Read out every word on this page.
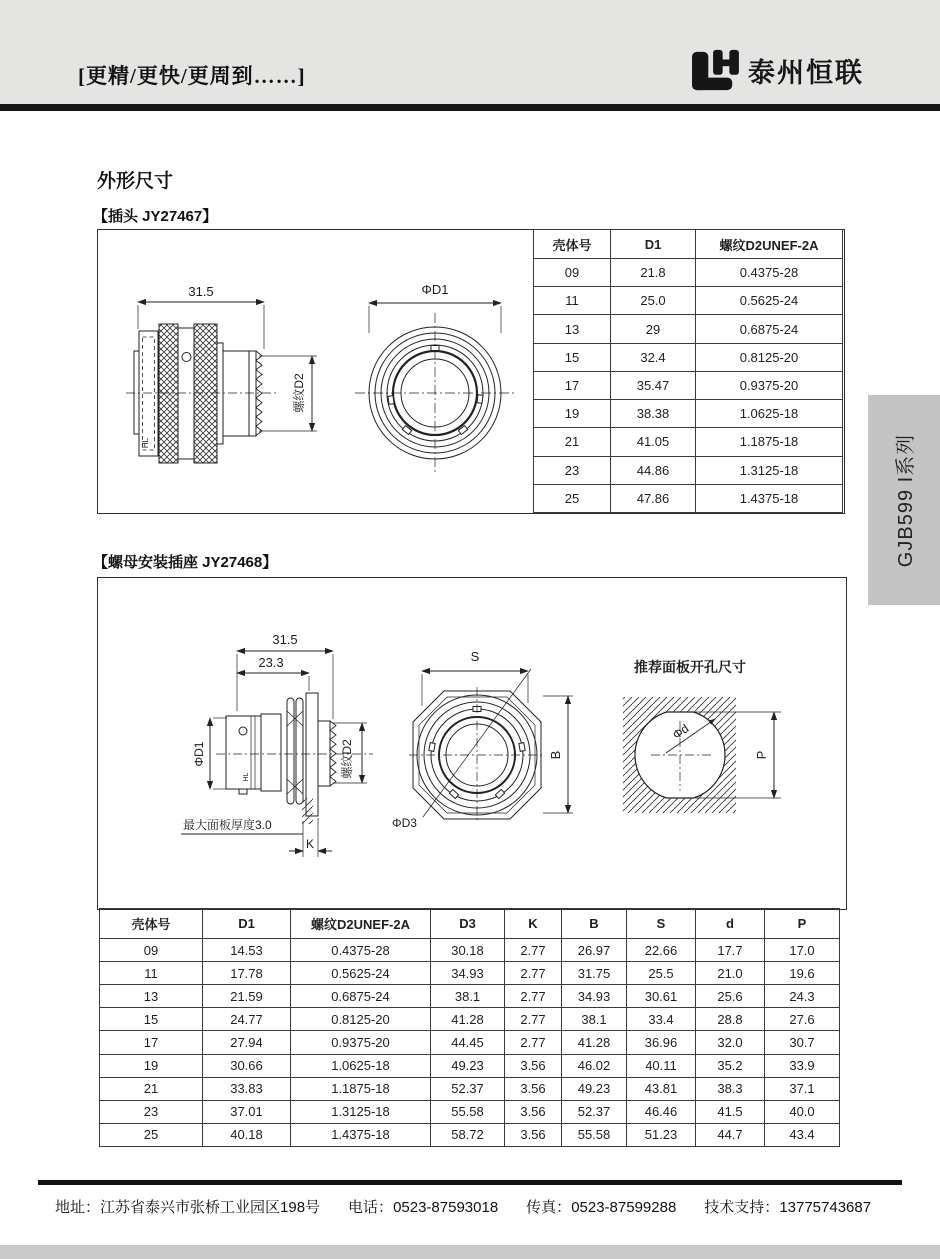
[更精/更快/更周到……]	泰州恒联
GJB599 I系列
外形尺寸
【插头 JY27467】
【螺母安装插座 JY27468】
31.5
螺纹D2
HL
ΦD1
壳体号	D1	螺纹D2UNEF-2A
09	21.8	0.4375-28
11	25.0	0.5625-24
13	29	0.6875-24
15	32.4	0.8125-20
17	35.47	0.9375-20
19	38.38	1.0625-18
21	41.05	1.1875-18
23	44.86	1.3125-18
25	47.86	1.4375-18
31.5
23.3
ΦD1	螺纹D2
HL
最大面板厚度3.0
K
S
B
ΦD3
推荐面板开孔尺寸
Φd
P
壳体号	D1	螺纹D2UNEF-2A	D3	K	B	S	d	P
09	14.53	0.4375-28	30.18	2.77	26.97	22.66	17.7	17.0
11	17.78	0.5625-24	34.93	2.77	31.75	25.5	21.0	19.6
13	21.59	0.6875-24	38.1	2.77	34.93	30.61	25.6	24.3
15	24.77	0.8125-20	41.28	2.77	38.1	33.4	28.8	27.6
17	27.94	0.9375-20	44.45	2.77	41.28	36.96	32.0	30.7
19	30.66	1.0625-18	49.23	3.56	46.02	40.11	35.2	33.9
21	33.83	1.1875-18	52.37	3.56	49.23	43.81	38.3	37.1
23	37.01	1.3125-18	55.58	3.56	52.37	46.46	41.5	40.0
25	40.18	1.4375-18	58.72	3.56	55.58	51.23	44.7	43.4
地址：江苏省泰兴市张桥工业园区198号 电话：0523-87593018 传真：0523-87599288 技术支持：13775743687
